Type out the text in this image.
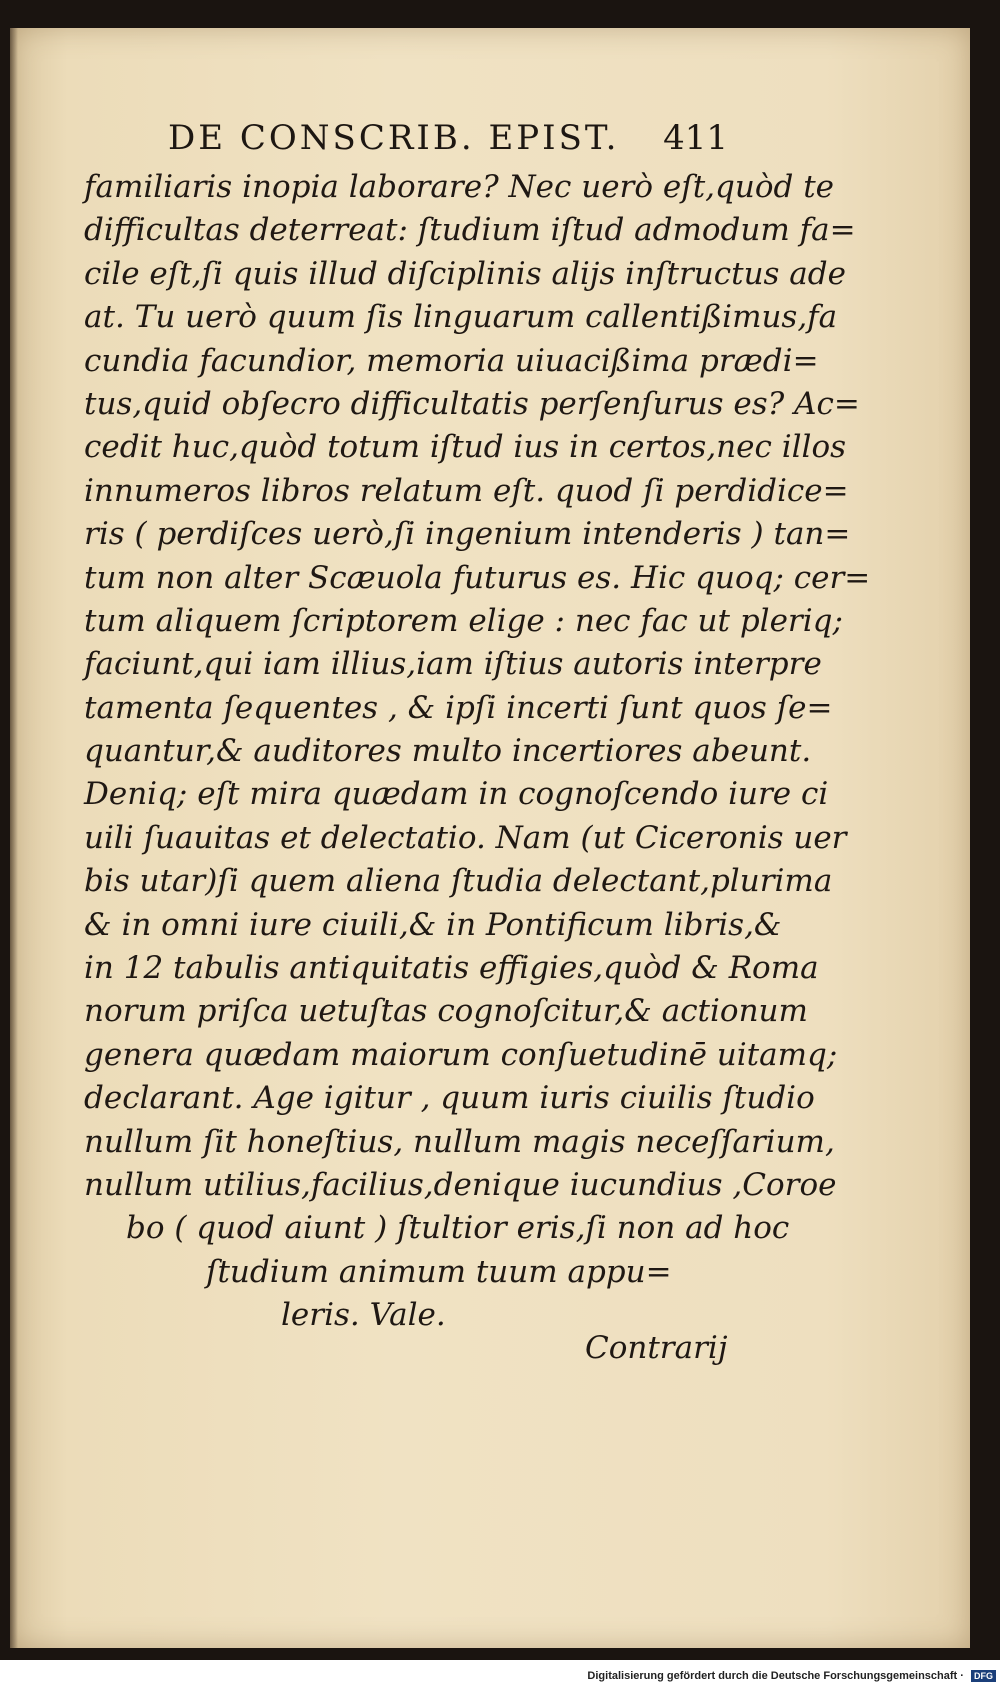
DE CONSCRIB. EPIST. 411
familiaris inopia laborare? Nec uerò eſt,quòd te
difficultas deterreat: ſtudium iſtud admodum fa=
cile eſt,ſi quis illud diſciplinis alijs inſtructus ade
at. Tu uerò quum ſis linguarum callentißimus,fa
cundia facundior, memoria uiuacißima prædi=
tus,quid obſecro difficultatis perſenſurus es? Ac=
cedit huc,quòd totum iſtud ius in certos,nec illos
innumeros libros relatum eſt. quod ſi perdidice=
ris ( perdiſces uerò,ſi ingenium intenderis ) tan=
tum non alter Scæuola futurus es. Hic quoq; cer=
tum aliquem ſcriptorem elige : nec fac ut pleriq;
faciunt,qui iam illius,iam iſtius autoris interpre
tamenta ſequentes , & ipſi incerti ſunt quos ſe=
quantur,& auditores multo incertiores abeunt.
Deniq; eſt mira quædam in cognoſcendo iure ci
uili ſuauitas et delectatio. Nam (ut Ciceronis uer
bis utar)ſi quem aliena ſtudia delectant,plurima
& in omni iure ciuili,& in Pontificum libris,&
in 12 tabulis antiquitatis effigies,quòd & Roma
norum priſca uetuſtas cognoſcitur,& actionum
genera quædam maiorum conſuetudinē uitamq;
declarant. Age igitur , quum iuris ciuilis ſtudio
nullum ſit honeſtius, nullum magis neceſſarium,
nullum utilius,facilius,denique iucundius ,Coroe
bo ( quod aiunt ) ſtultior eris,ſi non ad hoc
ſtudium animum tuum appu=
leris. Vale.
Contrarij
Digitalisierung gefördert durch die Deutsche Forschungsgemeinschaft · DFG
